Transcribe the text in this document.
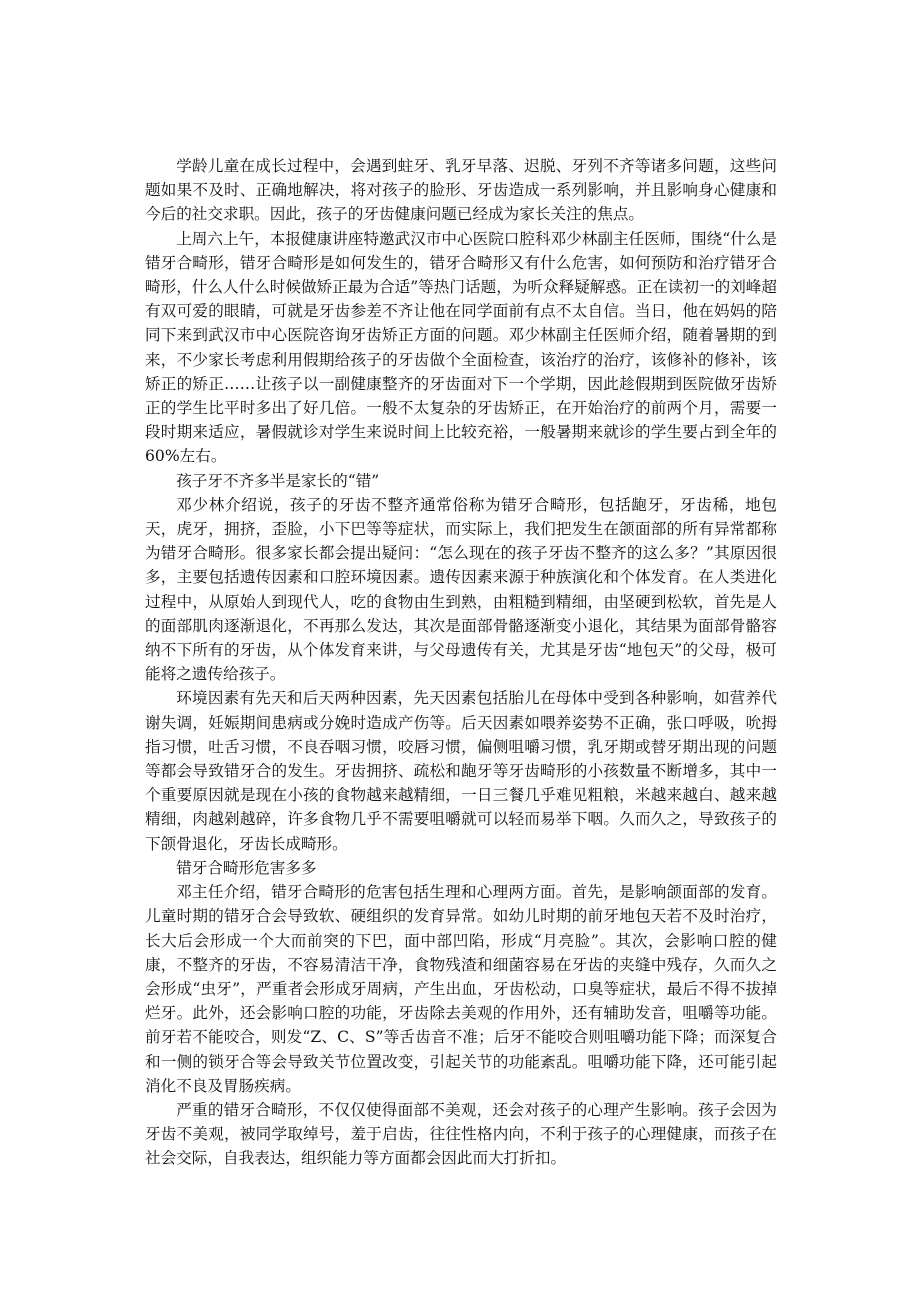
学龄儿童在成长过程中，会遇到蛀牙、乳牙早落、迟脱、牙列不齐等诸多问题，这些问题如果不及时、正确地解决，将对孩子的脸形、牙齿造成一系列影响，并且影响身心健康和今后的社交求职。因此，孩子的牙齿健康问题已经成为家长关注的焦点。

上周六上午，本报健康讲座特邀武汉市中心医院口腔科邓少林副主任医师，围绕“什么是错牙合畸形，错牙合畸形是如何发生的，错牙合畸形又有什么危害，如何预防和治疗错牙合畸形，什么人什么时候做矫正最为合适”等热门话题，为听众释疑解惑。正在读初一的刘峰超有双可爱的眼睛，可就是牙齿参差不齐让他在同学面前有点不太自信。当日，他在妈妈的陪同下来到武汉市中心医院咨询牙齿矫正方面的问题。邓少林副主任医师介绍，随着暑期的到来，不少家长考虑利用假期给孩子的牙齿做个全面检查，该治疗的治疗，该修补的修补，该矫正的矫正……让孩子以一副健康整齐的牙齿面对下一个学期，因此趁假期到医院做牙齿矫正的学生比平时多出了好几倍。一般不太复杂的牙齿矫正，在开始治疗的前两个月，需要一段时期来适应，暑假就诊对学生来说时间上比较充裕，一般暑期来就诊的学生要占到全年的 60%左右。

孩子牙不齐多半是家长的“错”

邓少林介绍说，孩子的牙齿不整齐通常俗称为错牙合畸形，包括龅牙，牙齿稀，地包天，虎牙，拥挤，歪脸，小下巴等等症状，而实际上，我们把发生在颌面部的所有异常都称为错牙合畸形。很多家长都会提出疑问：“怎么现在的孩子牙齿不整齐的这么多？”其原因很多，主要包括遗传因素和口腔环境因素。遗传因素来源于种族演化和个体发育。在人类进化过程中，从原始人到现代人，吃的食物由生到熟，由粗糙到精细，由坚硬到松软，首先是人的面部肌肉逐渐退化，不再那么发达，其次是面部骨骼逐渐变小退化，其结果为面部骨骼容纳不下所有的牙齿，从个体发育来讲，与父母遗传有关，尤其是牙齿“地包天”的父母，极可能将之遗传给孩子。

环境因素有先天和后天两种因素，先天因素包括胎儿在母体中受到各种影响，如营养代谢失调，妊娠期间患病或分娩时造成产伤等。后天因素如喂养姿势不正确，张口呼吸，吮拇指习惯，吐舌习惯，不良吞咽习惯，咬唇习惯，偏侧咀嚼习惯，乳牙期或替牙期出现的问题等都会导致错牙合的发生。牙齿拥挤、疏松和龅牙等牙齿畸形的小孩数量不断增多，其中一个重要原因就是现在小孩的食物越来越精细，一日三餐几乎难见粗粮，米越来越白、越来越精细，肉越剁越碎，许多食物几乎不需要咀嚼就可以轻而易举下咽。久而久之，导致孩子的下颌骨退化，牙齿长成畸形。

错牙合畸形危害多多

邓主任介绍，错牙合畸形的危害包括生理和心理两方面。首先，是影响颌面部的发育。儿童时期的错牙合会导致软、硬组织的发育异常。如幼儿时期的前牙地包天若不及时治疗，长大后会形成一个大而前突的下巴，面中部凹陷，形成“月亮脸”。其次，会影响口腔的健康，不整齐的牙齿，不容易清洁干净，食物残渣和细菌容易在牙齿的夹缝中残存，久而久之会形成“虫牙”，严重者会形成牙周病，产生出血，牙齿松动，口臭等症状，最后不得不拔掉烂牙。此外，还会影响口腔的功能，牙齿除去美观的作用外，还有辅助发音，咀嚼等功能。前牙若不能咬合，则发“Z、C、S”等舌齿音不准；后牙不能咬合则咀嚼功能下降；而深复合和一侧的锁牙合等会导致关节位置改变，引起关节的功能紊乱。咀嚼功能下降，还可能引起消化不良及胃肠疾病。

严重的错牙合畸形，不仅仅使得面部不美观，还会对孩子的心理产生影响。孩子会因为牙齿不美观，被同学取绰号，羞于启齿，往往性格内向，不利于孩子的心理健康，而孩子在社会交际，自我表达，组织能力等方面都会因此而大打折扣。
